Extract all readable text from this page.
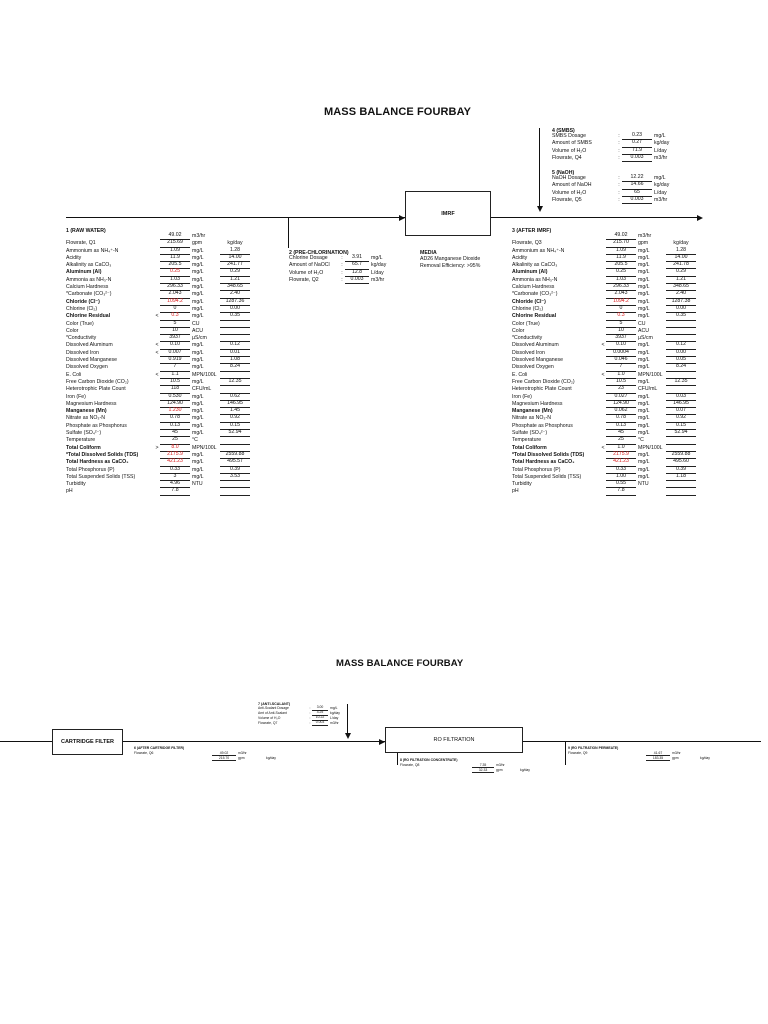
MASS BALANCE FOURBAY
4 (SMBS)
SMBS Dosage	:	0.23	mg/L
Amount of SMBS	:	0.27	kg/day
Volume of H₂O	:	71.9	L/day
Flowrate, Q4	:	0.003	m3/hr
5 (NaOH)
NaOH Dosage	:	12.22	mg/L
Amount of NaOH	:	14.66	kg/day
Volume of H₂O	:	65	L/day
Flowrate, Q5	:	0.003	m3/hr
IMRF
2 (PRE-CHLORINATION)
Chlorine Dosage	:	3.91	mg/L
Amount of NaOCl	:	65.7	kg/day
Volume of H₂O	:	12.8	L/day
Flowrate, Q2	:	0.003	m3/hr
MEDIA
AD26 Manganese Dioxide
Removal Efficiency: >95%
1 (RAW WATER)
49.02	m3/hr
Flowrate, Q1	215.69	gpm	kg/day
Ammonium as NH₄⁺-N	1.09	mg/L	1.28
Acidity	11.9	mg/L	14.00
Alkalinity as CaCO₃	205.5	mg/L	241.77
Aluminum (Al)	0.25	mg/L	0.29
Ammonia as NH₃-N	1.03	mg/L	1.21
Calcium Hardness	296.33	mg/L	348.65
*Carbonate (CO₃²⁻)	2.043	mg/L	2.40
Chloride (Cl⁻)	1094.2	mg/L	1287.36
Chlorine (Cl₂)	0	mg/L	0.00
Chlorine Residual	<	0.3	mg/L	0.35
Color (True)	5	CU
Color	10	ACU
*Conductivity	3937	µS/cm
Dissolved Aluminum	<	0.10	mg/L	0.12
Dissolved Iron	<	0.007	mg/L	0.01
Dissolved Manganese	0.919	mg/L	1.08
Dissolved Oxygen	7	mg/L	8.24
E. Coli	<	1.1	MPN/100L
Free Carbon Dioxide (CO₂)	10.5	mg/L	12.35
Heterotrophic Plate Count	118	CFU/mL
Iron (Fe)	0.530	mg/L	0.62
Magnesium Hardness	124.90	mg/L	146.95
Manganese (Mn)	1.230	mg/L	1.45
Nitrate as NO₃-N	0.78	mg/L	0.92
Phosphate as Phosphorus	0.13	mg/L	0.15
Sulfate (SO₄²⁻)	45	mg/L	52.94
Temperature	25	°C
Total Coliform	>	8.0	MPN/100L
*Total Dissolved Solids (TDS)	2175.9	mg/L	2559.88
Total Hardness as CaCO₃	421.23	mg/L	495.57
Total Phosphorus (P)	0.33	mg/L	0.39
Total Suspended Solids (TSS)	3	mg/L	3.53
Turbidity	4.96	NTU
pH	7.8
3 (AFTER IMRF)
49.02	m3/hr
Flowrate, Q3	215.70	gpm	kg/day
Ammonium as NH₄⁺-N	1.09	mg/L	1.28
Acidity	11.9	mg/L	14.00
Alkalinity as CaCO₃	205.5	mg/L	241.78
Aluminum (Al)	0.25	mg/L	0.29
Ammonia as NH₃-N	1.03	mg/L	1.21
Calcium Hardness	296.33	mg/L	348.65
*Carbonate (CO₃²⁻)	2.043	mg/L	2.40
Chloride (Cl⁻)	1094.2	mg/L	1287.38
Chlorine (Cl₂)	0	mg/L	0.00
Chlorine Residual	0.3	mg/L	0.35
Color (True)	5	CU
Color	10	ACU
*Conductivity	3937	µS/cm
Dissolved Aluminum	<	0.10	mg/L	0.12
Dissolved Iron	0.0004	mg/L	0.00
Dissolved Manganese	0.046	mg/L	0.05
Dissolved Oxygen	7	mg/L	8.24
E. Coli	<	1.0	MPN/100L
Free Carbon Dioxide (CO₂)	10.5	mg/L	12.35
Heterotrophic Plate Count	23	CFU/mL
Iron (Fe)	0.027	mg/L	0.03
Magnesium Hardness	124.90	mg/L	146.95
Manganese (Mn)	0.062	mg/L	0.07
Nitrate as NO₃-N	0.78	mg/L	0.92
Phosphate as Phosphorus	0.13	mg/L	0.15
Sulfate (SO₄²⁻)	45	mg/L	52.94
Temperature	25	°C
Total Coliform	<	1.0	MPN/100L
*Total Dissolved Solids (TDS)	2175.9	mg/L	2559.88
Total Hardness as CaCO₃	421.23	mg/L	495.60
Total Phosphorus (P)	0.33	mg/L	0.39
Total Suspended Solids (TSS)	1.00	mg/L	1.18
Turbidity	0.55	NTU
pH	7.8
MASS BALANCE FOURBAY
7 (ANTI-SCALANT)
Anti-Scalant Dosage	:	3.00	mg/L
Amt of Anti-Scalant	:	4.25	kg/day
Volume of H₂O	:	10.22	L/day
Flowrate, Q7	:	0.003	m3/hr
CARTRIDGE FILTER	RO FILTRATION
6 (AFTER CARTRIDGE FILTER)
Flowrate, Q6	49.02	m3/hr
215.70	gpm	kg/day	8 (RO FILTRATION CONCENTRATE)
Flowrate, Q8	7.35	m3/hr
32.33	gpm	kg/day
9 (RO FILTRATION PERMEATE)
Flowrate, Q9	41.67	m3/hr
183.35	gpm	kg/day
